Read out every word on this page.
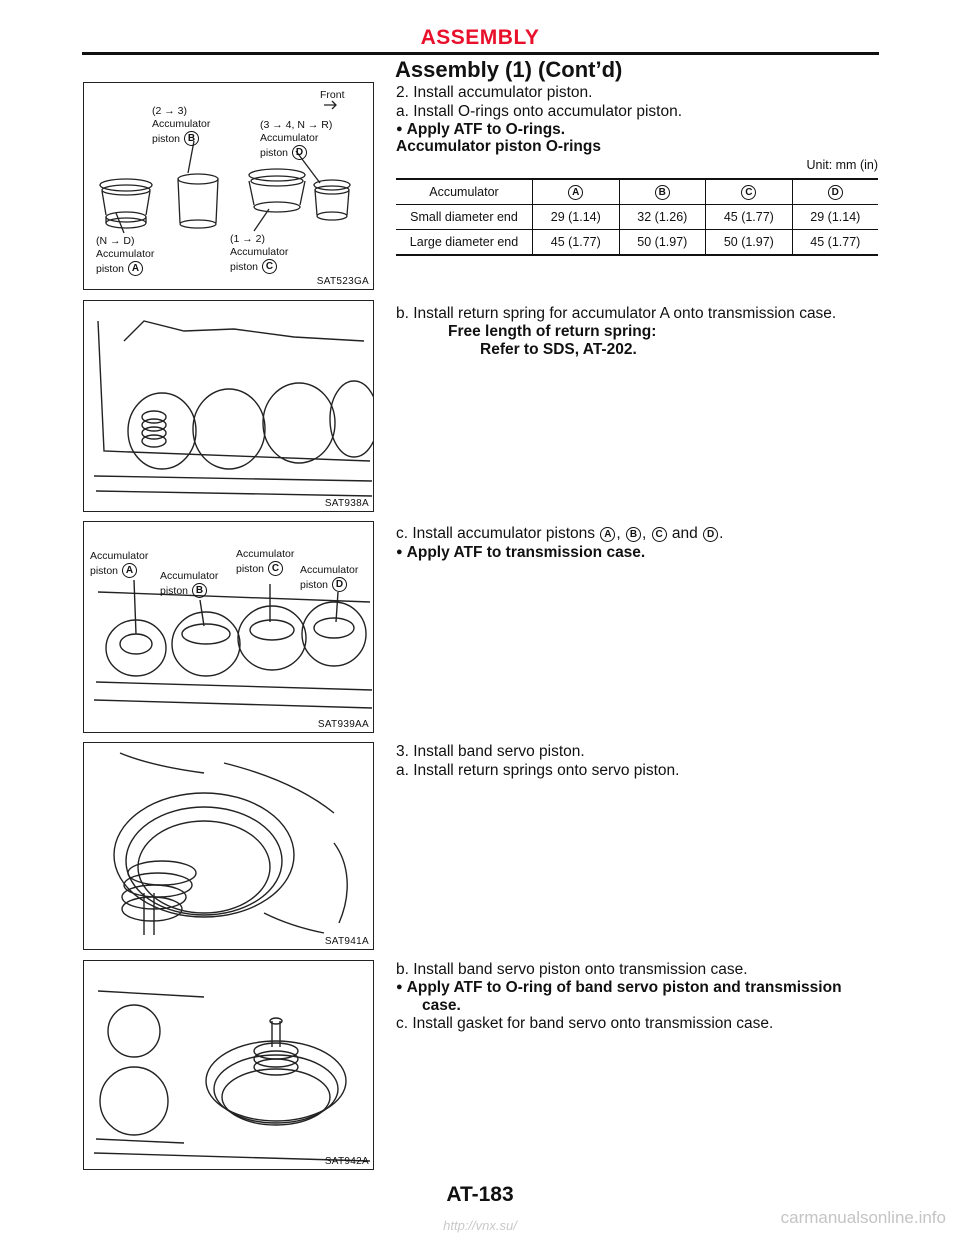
ASSEMBLY
Assembly (1) (Cont’d)
Front
(2 → 3)
Accumulator
piston B
(3 → 4, N → R)
Accumulator
piston D
(N → D)
Accumulator
piston A
(1 → 2)
Accumulator
piston C
SAT523GA
SAT938A
Accumulator
piston A	Accumulator
piston B
Accumulator
piston C	Accumulator
piston D
SAT939AA
SAT941A
SAT942A
2. Install accumulator piston.
a. Install O-rings onto accumulator piston.
● Apply ATF to O-rings.
Accumulator piston O-rings
Unit: mm (in)
Accumulator	A	B	C	D
Small diameter end	29 (1.14)	32 (1.26)	45 (1.77)	29 (1.14)
Large diameter end	45 (1.77)	50 (1.97)	50 (1.97)	45 (1.77)
b. Install return spring for accumulator A onto transmission case.
Free length of return spring:
Refer to SDS, AT-202.
c. Install accumulator pistons A , B , C and D .
● Apply ATF to transmission case.
3. Install band servo piston.
a. Install return springs onto servo piston.
b. Install band servo piston onto transmission case.
● Apply ATF to O-ring of band servo piston and transmission
case.
c. Install gasket for band servo onto transmission case.
AT-183
http://vnx.su/	carmanualsonline.info
